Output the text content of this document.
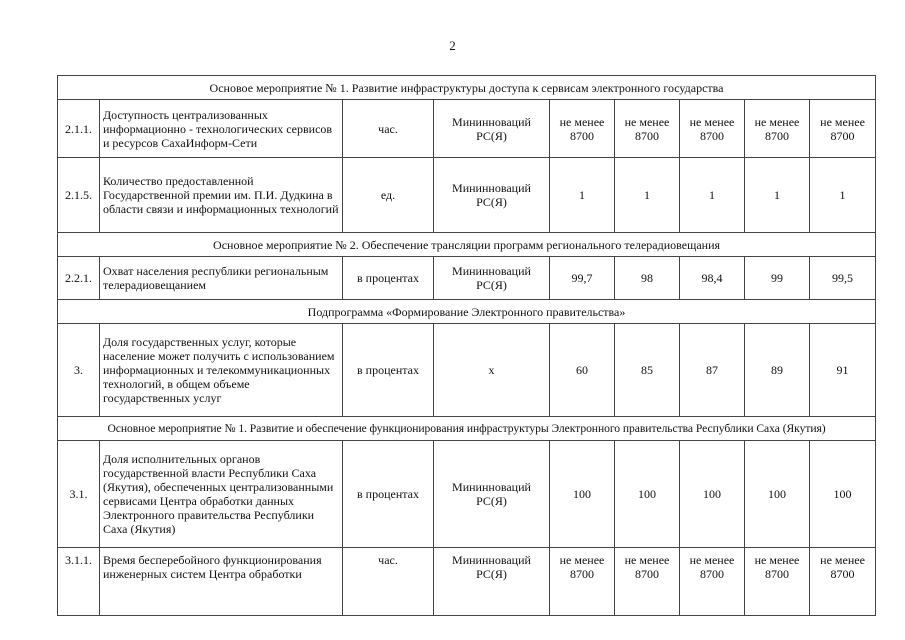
2
Основое мероприятие № 1. Развитие инфраструктуры доступа к сервисам электронного государства								
2.1.1.	Доступность централизованных информационно - технологических сервисов и ресурсов СахаИнформ-Сети	час.	Мининноваций РС(Я)	не менее 8700	не менее 8700	не менее 8700	не менее 8700	не менее 8700
2.1.5.	Количество предоставленной Государственной премии им. П.И. Дудкина в области связи и информационных технологий	ед.	Мининноваций РС(Я)	1	1	1	1	1
Основное мероприятие № 2. Обеспечение трансляции программ регионального телерадиовещания								
2.2.1.	Охват населения республики региональным телерадиовещанием	в процентах	Мининноваций РС(Я)	99,7	98	98,4	99	99,5
Подпрограмма «Формирование Электронного правительства»								
3.	Доля государственных услуг, которые население может получить с использованием информационных и телекоммуникационных технологий, в общем объеме государственных услуг	в процентах	х	60	85	87	89	91
Основное мероприятие № 1. Развитие и обеспечение функционирования инфраструктуры Электронного правительства Республики Саха (Якутия)								
3.1.	Доля исполнительных органов государственной власти Республики Саха (Якутия), обеспеченных централизованными сервисами Центра обработки данных Электронного правительства Республики Саха (Якутия)	в процентах	Мининноваций РС(Я)	100	100	100	100	100
3.1.1.	Время бесперебойного функционирования инженерных систем Центра обработки	час.	Мининноваций РС(Я)	не менее 8700	не менее 8700	не менее 8700	не менее 8700	не менее 8700
